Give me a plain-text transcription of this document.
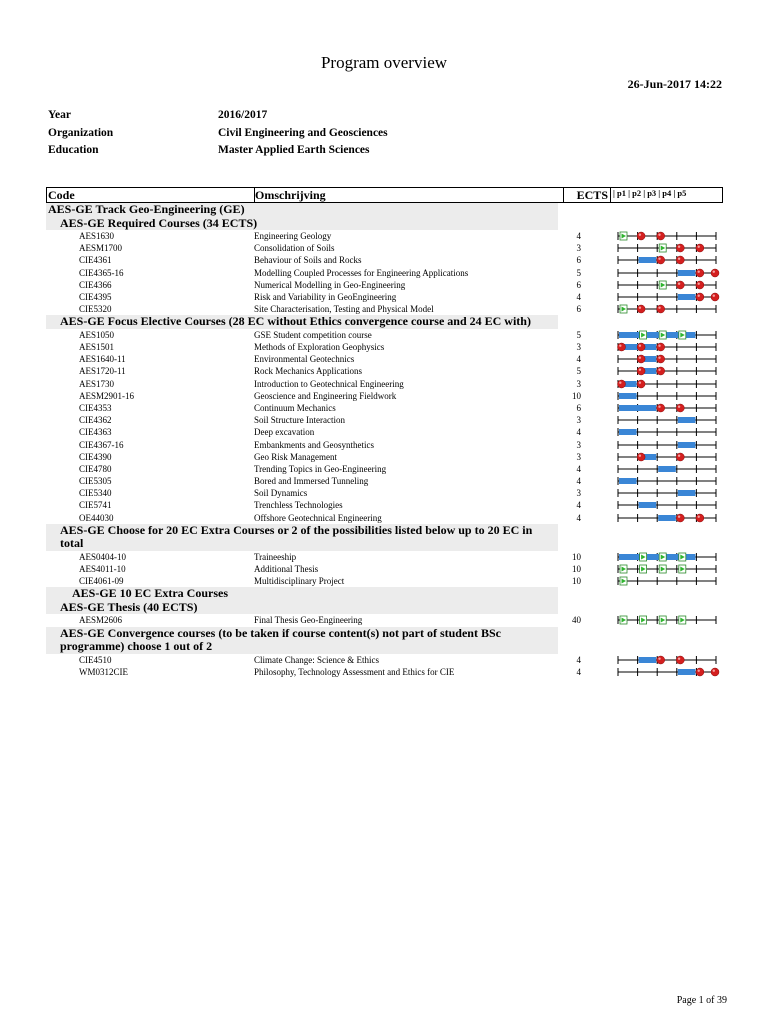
Program overview
26-Jun-2017 14:22
Year	2016/2017
Organization	Civil Engineering and Geosciences
Education	Master Applied Earth Sciences
Code	Omschrijving	ECTS | p1 | p2 | p3 | p4 | p5
AES-GE Track Geo-Engineering (GE)
AES-GE Required Courses (34 ECTS)
AES1630	Engineering Geology	4
AESM1700	Consolidation of Soils	3
CIE4361	Behaviour of Soils and Rocks	6
CIE4365-16	Modelling Coupled Processes for Engineering Applications	5
CIE4366	Numerical Modelling in Geo-Engineering	6
CIE4395	Risk and Variability in GeoEngineering	4
CIE5320	Site Characterisation, Testing and Physical Model	6
AES-GE Focus Elective Courses (28 EC without Ethics convergence course and 24 EC with)
AES1050	GSE Student competition course	5
AES1501	Methods of Exploration Geophysics	3
AES1640-11	Environmental Geotechnics	4
AES1720-11	Rock Mechanics Applications	5
AES1730	Introduction to Geotechnical Engineering	3
AESM2901-16	Geoscience and Engineering Fieldwork	10
CIE4353	Continuum Mechanics	6
CIE4362	Soil Structure Interaction	3
CIE4363	Deep excavation	4
CIE4367-16	Embankments and Geosynthetics	3
CIE4390	Geo Risk Management	3
CIE4780	Trending Topics in Geo-Engineering	4
CIE5305	Bored and Immersed Tunneling	4
CIE5340	Soil Dynamics	3
CIE5741	Trenchless Technologies	4
OE44030	Offshore Geotechnical Engineering	4
AES-GE Choose for 20 EC Extra Courses or 2 of the possibilities listed below up to 20 EC in total
AES0404-10	Traineeship	10
AES4011-10	Additional Thesis	10
CIE4061-09	Multidisciplinary Project	10
AES-GE 10 EC Extra Courses
AES-GE Thesis (40 ECTS)
AESM2606	Final Thesis Geo-Engineering	40
AES-GE Convergence courses (to be taken if course content(s) not part of student BSc programme) choose 1 out of 2
CIE4510	Climate Change: Science & Ethics	4
WM0312CIE	Philosophy, Technology Assessment and Ethics for CIE	4
Page 1 of 39
